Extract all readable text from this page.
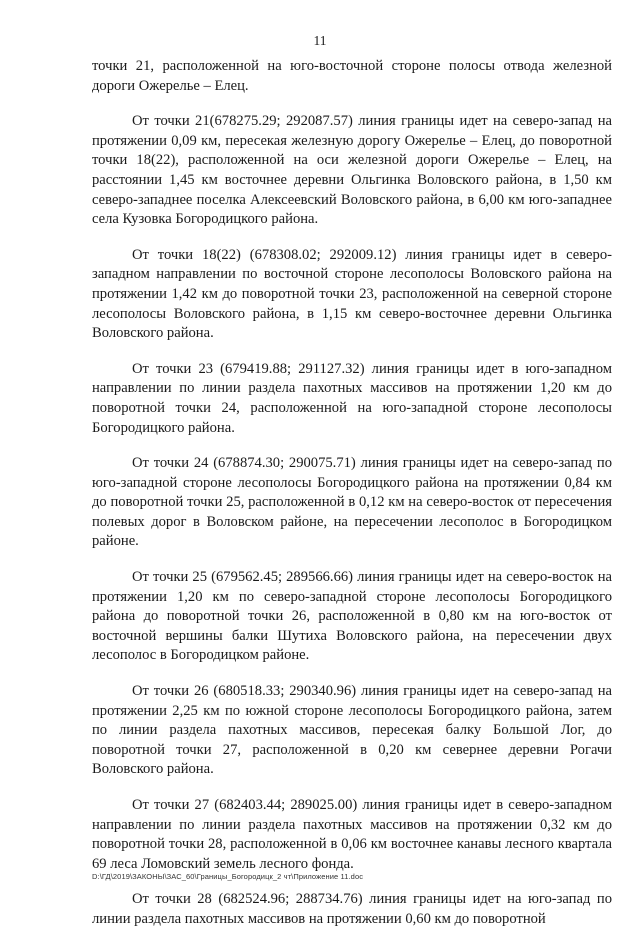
11

точки 21, расположенной на юго-восточной стороне полосы отвода железной дороги Ожерелье – Елец.

От точки 21(678275.29; 292087.57) линия границы идет на северо-запад на протяжении 0,09 км, пересекая железную дорогу Ожерелье – Елец, до поворотной точки 18(22), расположенной на оси железной дороги Ожерелье – Елец, на расстоянии 1,45 км восточнее деревни Ольгинка Воловского района, в 1,50 км северо-западнее поселка Алексеевский Воловского района, в 6,00 км юго-западнее села Кузовка Богородицкого района.

От точки 18(22) (678308.02; 292009.12) линия границы идет в северо-западном направлении по восточной стороне лесополосы Воловского района на протяжении 1,42 км до поворотной точки 23, расположенной на северной стороне лесополосы Воловского района, в 1,15 км северо-восточнее деревни Ольгинка Воловского района.

От точки 23 (679419.88; 291127.32) линия границы идет в юго-западном направлении по линии раздела пахотных массивов на протяжении 1,20 км до поворотной точки 24, расположенной на юго-западной стороне лесополосы Богородицкого района.

От точки 24 (678874.30; 290075.71) линия границы идет на северо-запад по юго-западной стороне лесополосы Богородицкого района на протяжении 0,84 км до поворотной точки 25, расположенной в 0,12 км на северо-восток от пересечения полевых дорог в Воловском районе, на пересечении лесополос в Богородицком районе.

От точки 25 (679562.45; 289566.66) линия границы идет на северо-восток на протяжении 1,20 км по северо-западной стороне лесополосы Богородицкого района до поворотной точки 26, расположенной в 0,80 км на юго-восток от восточной вершины балки Шутиха Воловского района, на пересечении двух лесополос в Богородицком районе.

От точки 26 (680518.33; 290340.96) линия границы идет на северо-запад на протяжении 2,25 км по южной стороне лесополосы Богородицкого района, затем по линии раздела пахотных массивов, пересекая балку Большой Лог, до поворотной точки 27, расположенной в 0,20 км севернее деревни Рогачи Воловского района.

От точки 27 (682403.44; 289025.00) линия границы идет в северо-западном направлении по линии раздела пахотных массивов на протяжении 0,32 км до поворотной точки 28, расположенной в 0,06 км восточнее канавы лесного квартала 69 леса Ломовский земель лесного фонда.

От точки 28 (682524.96; 288734.76) линия границы идет на юго-запад по линии раздела пахотных массивов на протяжении 0,60 км до поворотной

D:\ГД\2019\ЗАКОНЫ\ЗАС_60\Границы_Богородицк_2 чт\Приложение 11.doc
